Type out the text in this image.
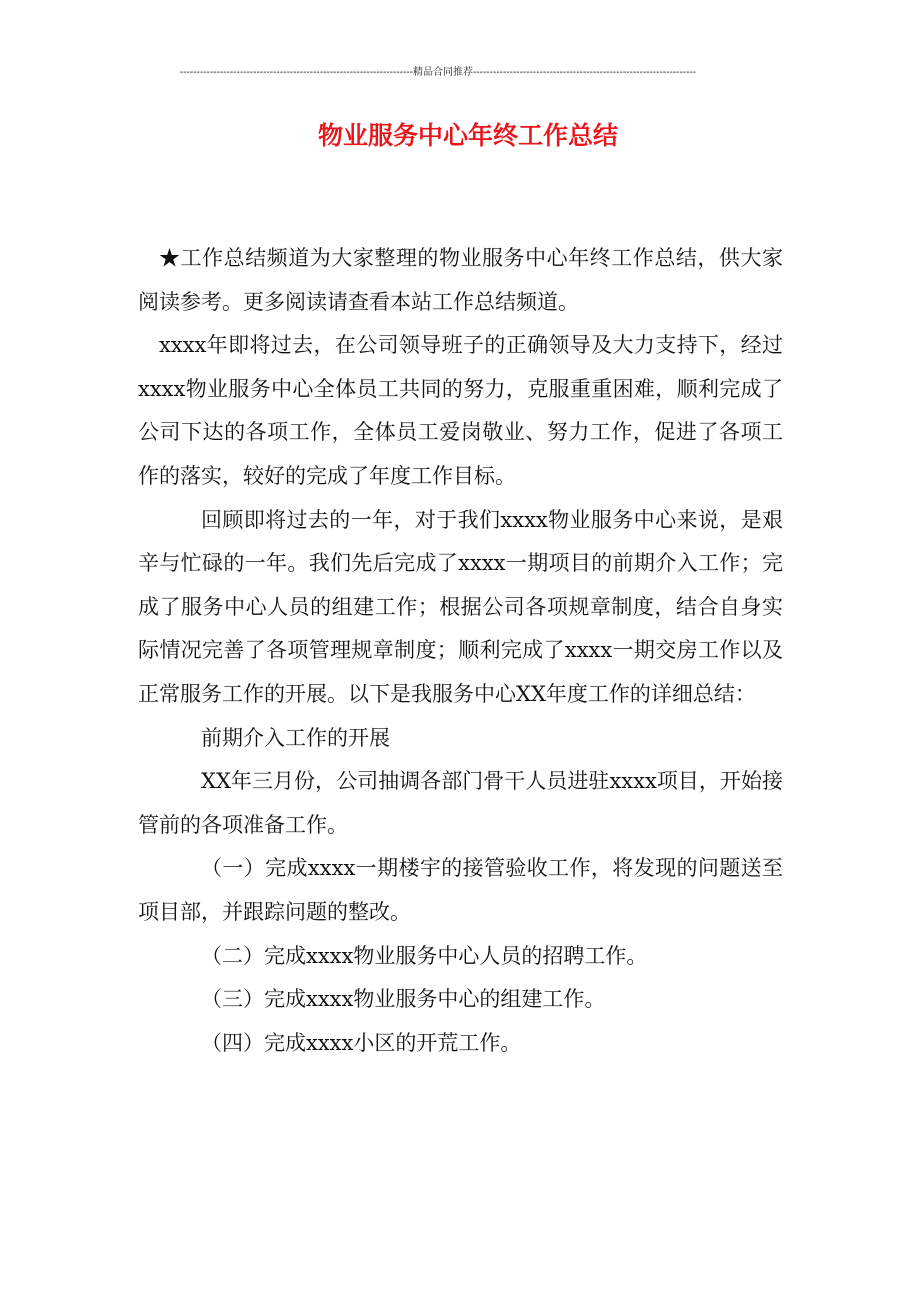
----------------------------------------------------------------------精品合同推荐-------------------------------------------------------------------
物业服务中心年终工作总结

★工作总结频道为大家整理的物业服务中心年终工作总结，供大家阅读参考。更多阅读请查看本站工作总结频道。

xxxx年即将过去，在公司领导班子的正确领导及大力支持下，经过xxxx物业服务中心全体员工共同的努力，克服重重困难，顺利完成了公司下达的各项工作，全体员工爱岗敬业、努力工作，促进了各项工作的落实，较好的完成了年度工作目标。

回顾即将过去的一年，对于我们xxxx物业服务中心来说，是艰辛与忙碌的一年。我们先后完成了xxxx一期项目的前期介入工作；完成了服务中心人员的组建工作；根据公司各项规章制度，结合自身实际情况完善了各项管理规章制度；顺利完成了xxxx一期交房工作以及正常服务工作的开展。以下是我服务中心XX年度工作的详细总结：

前期介入工作的开展

XX年三月份，公司抽调各部门骨干人员进驻xxxx项目，开始接管前的各项准备工作。

（一）完成xxxx一期楼宇的接管验收工作，将发现的问题送至项目部，并跟踪问题的整改。

（二）完成xxxx物业服务中心人员的招聘工作。

（三）完成xxxx物业服务中心的组建工作。

（四）完成xxxx小区的开荒工作。
